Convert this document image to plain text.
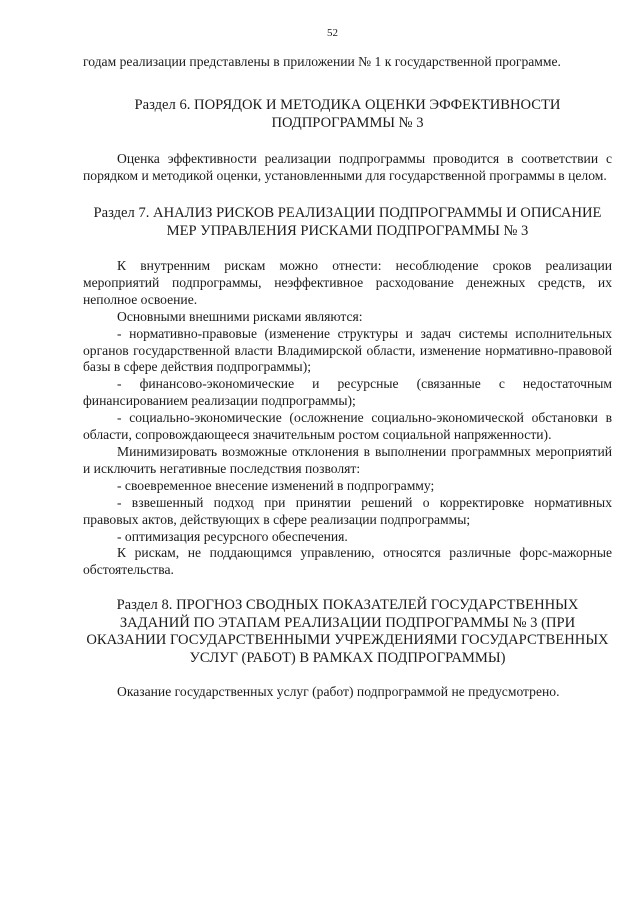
52

годам реализации представлены в приложении № 1 к государственной программе.

Раздел 6. ПОРЯДОК И МЕТОДИКА ОЦЕНКИ ЭФФЕКТИВНОСТИ ПОДПРОГРАММЫ № 3

Оценка эффективности реализации подпрограммы проводится в соответствии с порядком и методикой оценки, установленными для государственной программы в целом.

Раздел 7. АНАЛИЗ РИСКОВ РЕАЛИЗАЦИИ ПОДПРОГРАММЫ И ОПИСАНИЕ МЕР УПРАВЛЕНИЯ РИСКАМИ ПОДПРОГРАММЫ № 3

К внутренним рискам можно отнести: несоблюдение сроков реализации мероприятий подпрограммы, неэффективное расходование денежных средств, их неполное освоение.

Основными внешними рисками являются:

- нормативно-правовые (изменение структуры и задач системы исполнительных органов государственной власти Владимирской области, изменение нормативно-правовой базы в сфере действия подпрограммы);

- финансово-экономические и ресурсные (связанные с недостаточным финансированием реализации подпрограммы);

- социально-экономические (осложнение социально-экономической обстановки в области, сопровождающееся значительным ростом социальной напряженности).

Минимизировать возможные отклонения в выполнении программных мероприятий и исключить негативные последствия позволят:

- своевременное внесение изменений в подпрограмму;

- взвешенный подход при принятии решений о корректировке нормативных правовых актов, действующих в сфере реализации подпрограммы;

- оптимизация ресурсного обеспечения.

К рискам, не поддающимся управлению, относятся различные форс-мажорные обстоятельства.

Раздел 8. ПРОГНОЗ СВОДНЫХ ПОКАЗАТЕЛЕЙ ГОСУДАРСТВЕННЫХ ЗАДАНИЙ ПО ЭТАПАМ РЕАЛИЗАЦИИ ПОДПРОГРАММЫ № 3 (ПРИ ОКАЗАНИИ ГОСУДАРСТВЕННЫМИ УЧРЕЖДЕНИЯМИ ГОСУДАРСТВЕННЫХ УСЛУГ (РАБОТ) В РАМКАХ ПОДПРОГРАММЫ)

Оказание государственных услуг (работ) подпрограммой не предусмотрено.
